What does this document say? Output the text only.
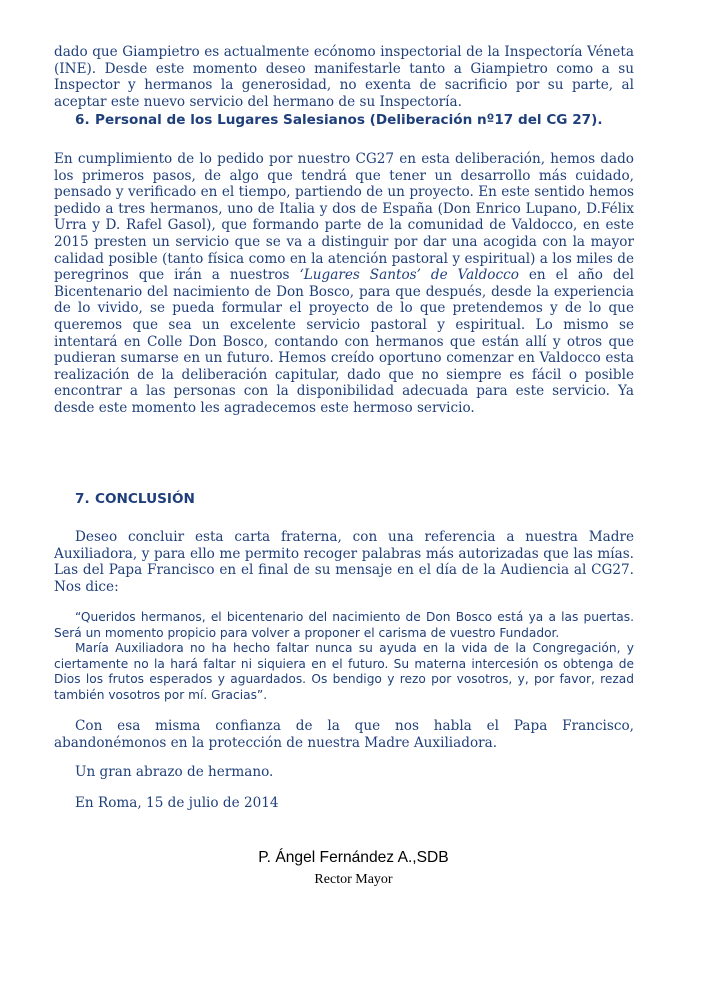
dado que Giampietro es actualmente ecónomo inspectorial de la Inspectoría Véneta (INE). Desde este momento deseo manifestarle tanto a Giampietro como a su Inspector y hermanos la generosidad, no exenta de sacrificio por su parte, al aceptar este nuevo servicio del hermano de su Inspectoría.

6. Personal de los Lugares Salesianos (Deliberación nº17 del CG 27).

En cumplimiento de lo pedido por nuestro CG27 en esta deliberación, hemos dado los primeros pasos, de algo que tendrá que tener un desarrollo más cuidado, pensado y verificado en el tiempo, partiendo de un proyecto. En este sentido hemos pedido a tres hermanos, uno de Italia y dos de España (Don Enrico Lupano, D.Félix Urra y D. Rafel Gasol), que formando parte de la comunidad de Valdocco, en este 2015 presten un servicio que se va a distinguir por dar una acogida con la mayor calidad posible (tanto física como en la atención pastoral y espiritual) a los miles de peregrinos que irán a nuestros ‘Lugares Santos’ de Valdocco en el año del Bicentenario del nacimiento de Don Bosco, para que después, desde la experiencia de lo vivido, se pueda formular el proyecto de lo que pretendemos y de lo que queremos que sea un excelente servicio pastoral y espiritual. Lo mismo se intentará en Colle Don Bosco, contando con hermanos que están allí y otros que pudieran sumarse en un futuro. Hemos creído oportuno comenzar en Valdocco esta realización de la deliberación capitular, dado que no siempre es fácil o posible encontrar a las personas con la disponibilidad adecuada para este servicio. Ya desde este momento les agradecemos este hermoso servicio.

7. CONCLUSIÓN

Deseo concluir esta carta fraterna, con una referencia a nuestra Madre Auxiliadora, y para ello me permito recoger palabras más autorizadas que las mías. Las del Papa Francisco en el final de su mensaje en el día de la Audiencia al CG27. Nos dice:

“Queridos hermanos, el bicentenario del nacimiento de Don Bosco está ya a las puertas. Será un momento propicio para volver a proponer el carisma de vuestro Fundador.
María Auxiliadora no ha hecho faltar nunca su ayuda en la vida de la Congregación, y ciertamente no la hará faltar ni siquiera en el futuro. Su materna intercesión os obtenga de Dios los frutos esperados y aguardados. Os bendigo y rezo por vosotros, y, por favor, rezad también vosotros por mí. Gracias”.

Con esa misma confianza de la que nos habla el Papa Francisco, abandonémonos en la protección de nuestra Madre Auxiliadora.

Un gran abrazo de hermano.

En Roma, 15 de julio de 2014

P. Ángel Fernández A.,SDB
Rector Mayor
